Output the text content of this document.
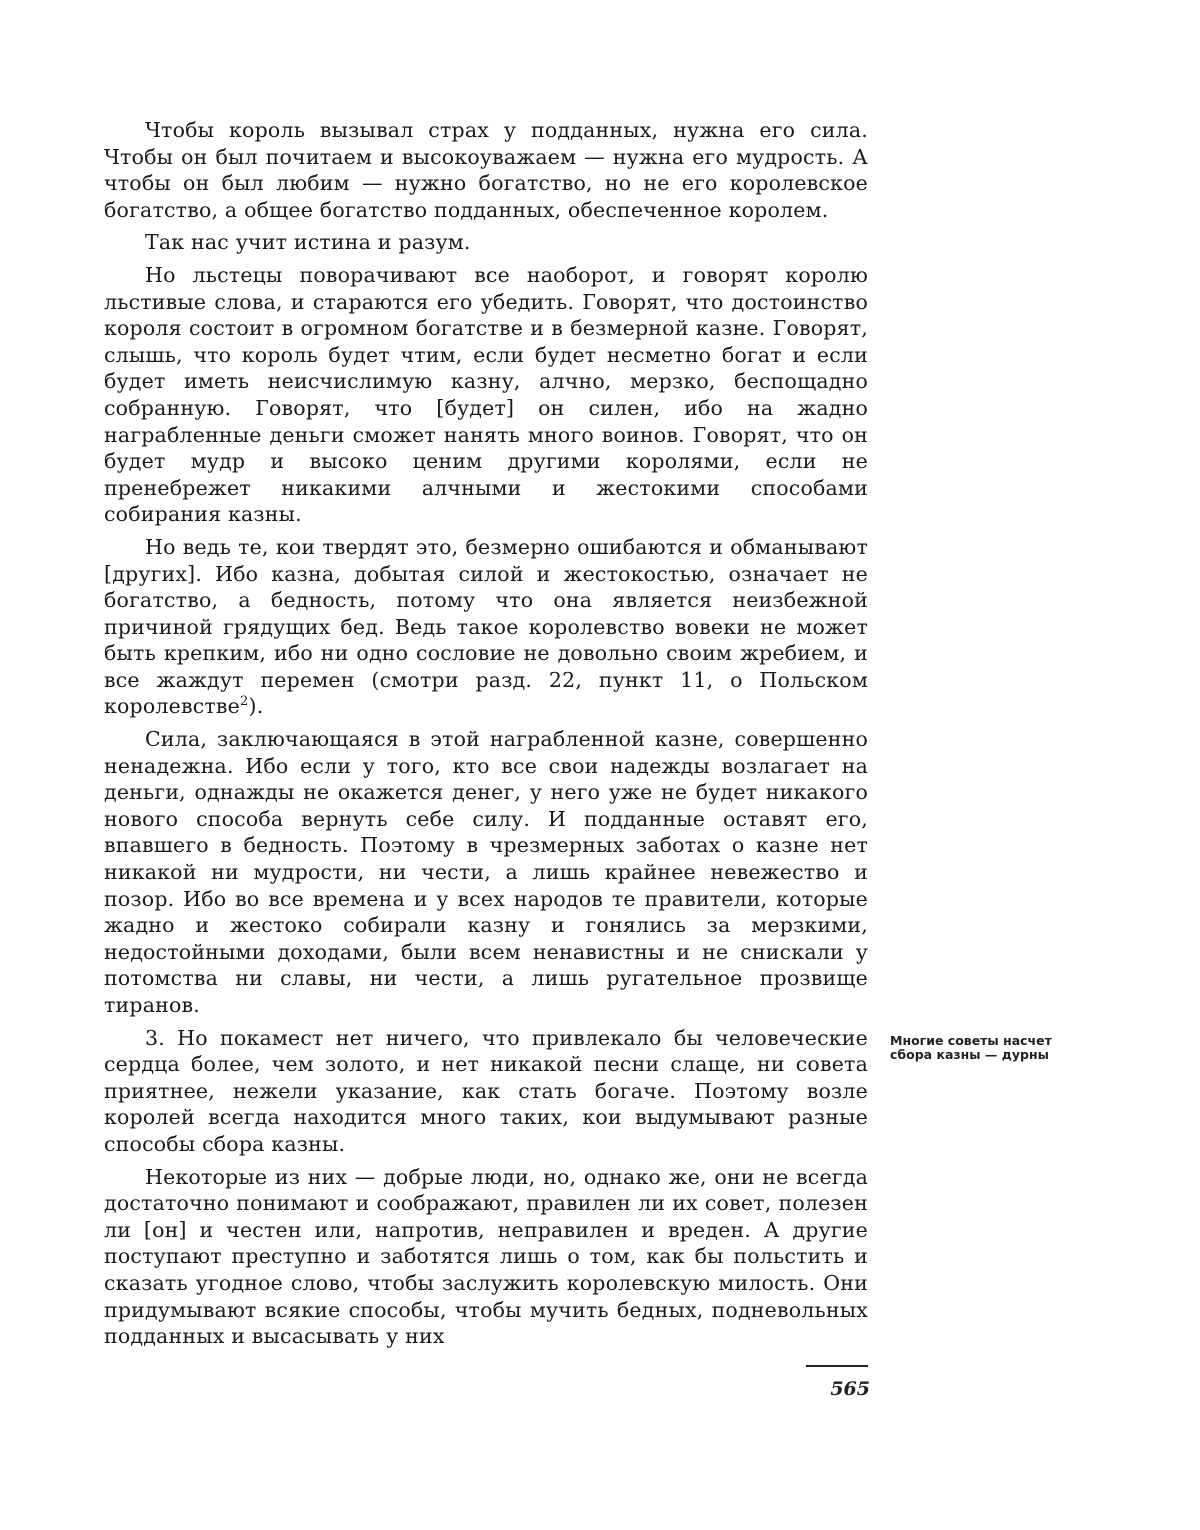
Чтобы король вызывал страх у подданных, нужна его сила. Чтобы он был почитаем и высокоуважаем — нужна его мудрость. А чтобы он был любим — нужно богатство, но не его королевское богатство, а общее богатство подданных, обеспеченное королем.

Так нас учит истина и разум.

Но льстецы поворачивают все наоборот, и говорят королю льстивые слова, и стараются его убедить. Говорят, что достоинство короля состоит в огромном богатстве и в безмерной казне. Говорят, слышь, что король будет чтим, если будет несметно богат и если будет иметь неисчислимую казну, алчно, мерзко, беспощадно собранную. Говорят, что [будет] он силен, ибо на жадно награбленные деньги сможет нанять много воинов. Говорят, что он будет мудр и высоко ценим другими королями, если не пренебрежет никакими алчными и жестокими способами собирания казны.

Но ведь те, кои твердят это, безмерно ошибаются и обманывают [других]. Ибо казна, добытая силой и жестокостью, означает не богатство, а бедность, потому что она является неизбежной причиной грядущих бед. Ведь такое королевство вовеки не может быть крепким, ибо ни одно сословие не довольно своим жребием, и все жаждут перемен (смотри разд. 22, пункт 11, о Польском королевстве$^2$).

Сила, заключающаяся в этой награбленной казне, совершенно ненадежна. Ибо если у того, кто все свои надежды возлагает на деньги, однажды не окажется денег, у него уже не будет никакого нового способа вернуть себе силу. И подданные оставят его, впавшего в бедность. Поэтому в чрезмерных заботах о казне нет никакой ни мудрости, ни чести, а лишь крайнее невежество и позор. Ибо во все времена и у всех народов те правители, которые жадно и жестоко собирали казну и гонялись за мерзкими, недостойными доходами, были всем ненавистны и не снискали у потомства ни славы, ни чести, а лишь ругательное прозвище тиранов.

3. Но покамест нет ничего, что привлекало бы человеческие сердца более, чем золото, и нет никакой песни слаще, ни совета приятнее, нежели указание, как стать богаче. Поэтому возле королей всегда находится много таких, кои выдумывают разные способы сбора казны.

Некоторые из них — добрые люди, но, однако же, они не всегда достаточно понимают и соображают, правилен ли их совет, полезен ли [он] и честен или, напротив, неправилен и вреден. А другие поступают преступно и заботятся лишь о том, как бы польстить и сказать угодное слово, чтобы заслужить королевскую милость. Они придумывают всякие способы, чтобы мучить бедных, подневольных подданных и высасывать у них

Многие советы насчет сбора казны — дурны
565
